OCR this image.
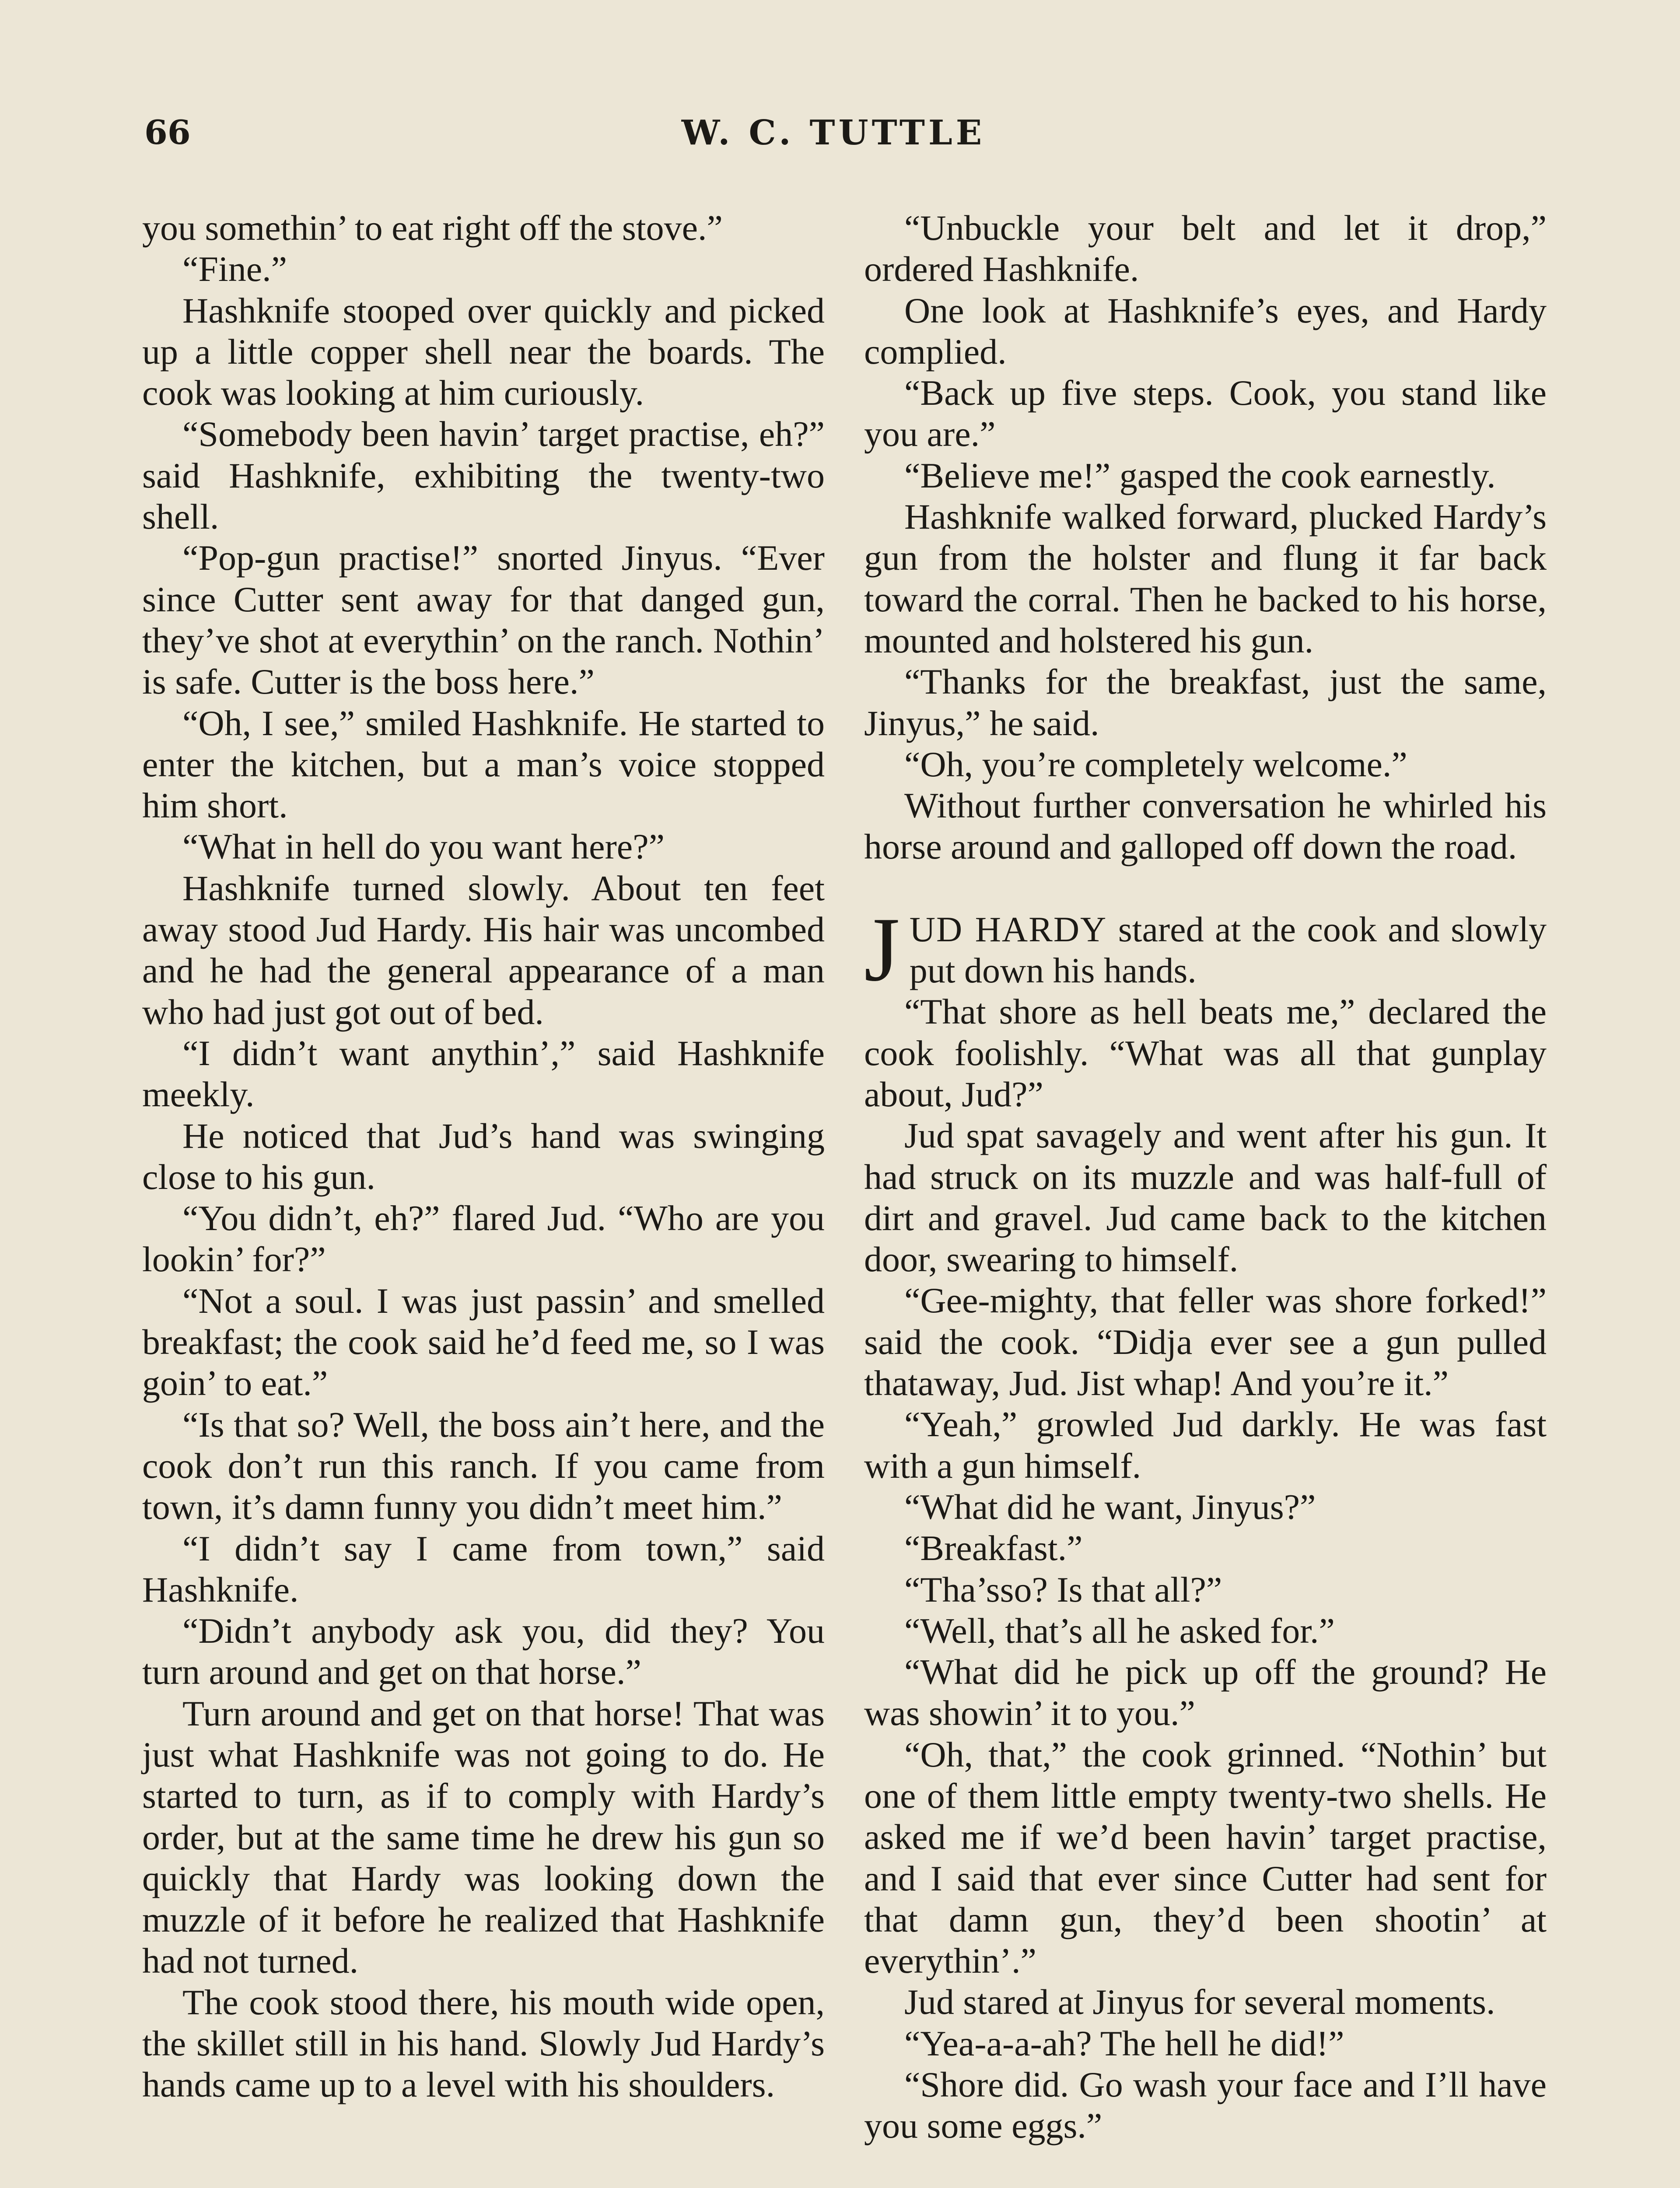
66	W. C. TUTTLE

you somethin’ to eat right off the stove.”

“Fine.”

Hashknife stooped over quickly and picked up a little copper shell near the boards. The cook was looking at him curiously.

“Somebody been havin’ target practise, eh?” said Hashknife, exhibiting the twenty-two shell.

“Pop-gun practise!” snorted Jinyus. “Ever since Cutter sent away for that danged gun, they’ve shot at everythin’ on the ranch. Nothin’ is safe. Cutter is the boss here.”

“Oh, I see,” smiled Hashknife. He started to enter the kitchen, but a man’s voice stopped him short.

“What in hell do you want here?”

Hashknife turned slowly. About ten feet away stood Jud Hardy. His hair was uncombed and he had the general appearance of a man who had just got out of bed.

“I didn’t want anythin’,” said Hashknife meekly.

He noticed that Jud’s hand was swinging close to his gun.

“You didn’t, eh?” flared Jud. “Who are you lookin’ for?”

“Not a soul. I was just passin’ and smelled breakfast; the cook said he’d feed me, so I was goin’ to eat.”

“Is that so? Well, the boss ain’t here, and the cook don’t run this ranch. If you came from town, it’s damn funny you didn’t meet him.”

“I didn’t say I came from town,” said Hashknife.

“Didn’t anybody ask you, did they? You turn around and get on that horse.”

Turn around and get on that horse! That was just what Hashknife was not going to do. He started to turn, as if to comply with Hardy’s order, but at the same time he drew his gun so quickly that Hardy was looking down the muzzle of it before he realized that Hashknife had not turned.

The cook stood there, his mouth wide open, the skillet still in his hand. Slowly Jud Hardy’s hands came up to a level with his shoulders.

“Unbuckle your belt and let it drop,” ordered Hashknife.

One look at Hashknife’s eyes, and Hardy complied.

“Back up five steps. Cook, you stand like you are.”

“Believe me!” gasped the cook earnestly.

Hashknife walked forward, plucked Hardy’s gun from the holster and flung it far back toward the corral. Then he backed to his horse, mounted and holstered his gun.

“Thanks for the breakfast, just the same, Jinyus,” he said.

“Oh, you’re completely welcome.”

Without further conversation he whirled his horse around and galloped off down the road.

JUD HARDY stared at the cook and slowly put down his hands.

“That shore as hell beats me,” declared the cook foolishly. “What was all that gunplay about, Jud?”

Jud spat savagely and went after his gun. It had struck on its muzzle and was half-full of dirt and gravel. Jud came back to the kitchen door, swearing to himself.

“Gee-mighty, that feller was shore forked!” said the cook. “Didja ever see a gun pulled thataway, Jud. Jist whap! And you’re it.”

“Yeah,” growled Jud darkly. He was fast with a gun himself.

“What did he want, Jinyus?”

“Breakfast.”

“Tha’sso? Is that all?”

“Well, that’s all he asked for.”

“What did he pick up off the ground? He was showin’ it to you.”

“Oh, that,” the cook grinned. “Nothin’ but one of them little empty twenty-two shells. He asked me if we’d been havin’ target practise, and I said that ever since Cutter had sent for that damn gun, they’d been shootin’ at everythin’.”

Jud stared at Jinyus for several moments.

“Yea-a-a-ah? The hell he did!”

“Shore did. Go wash your face and I’ll have you some eggs.”
